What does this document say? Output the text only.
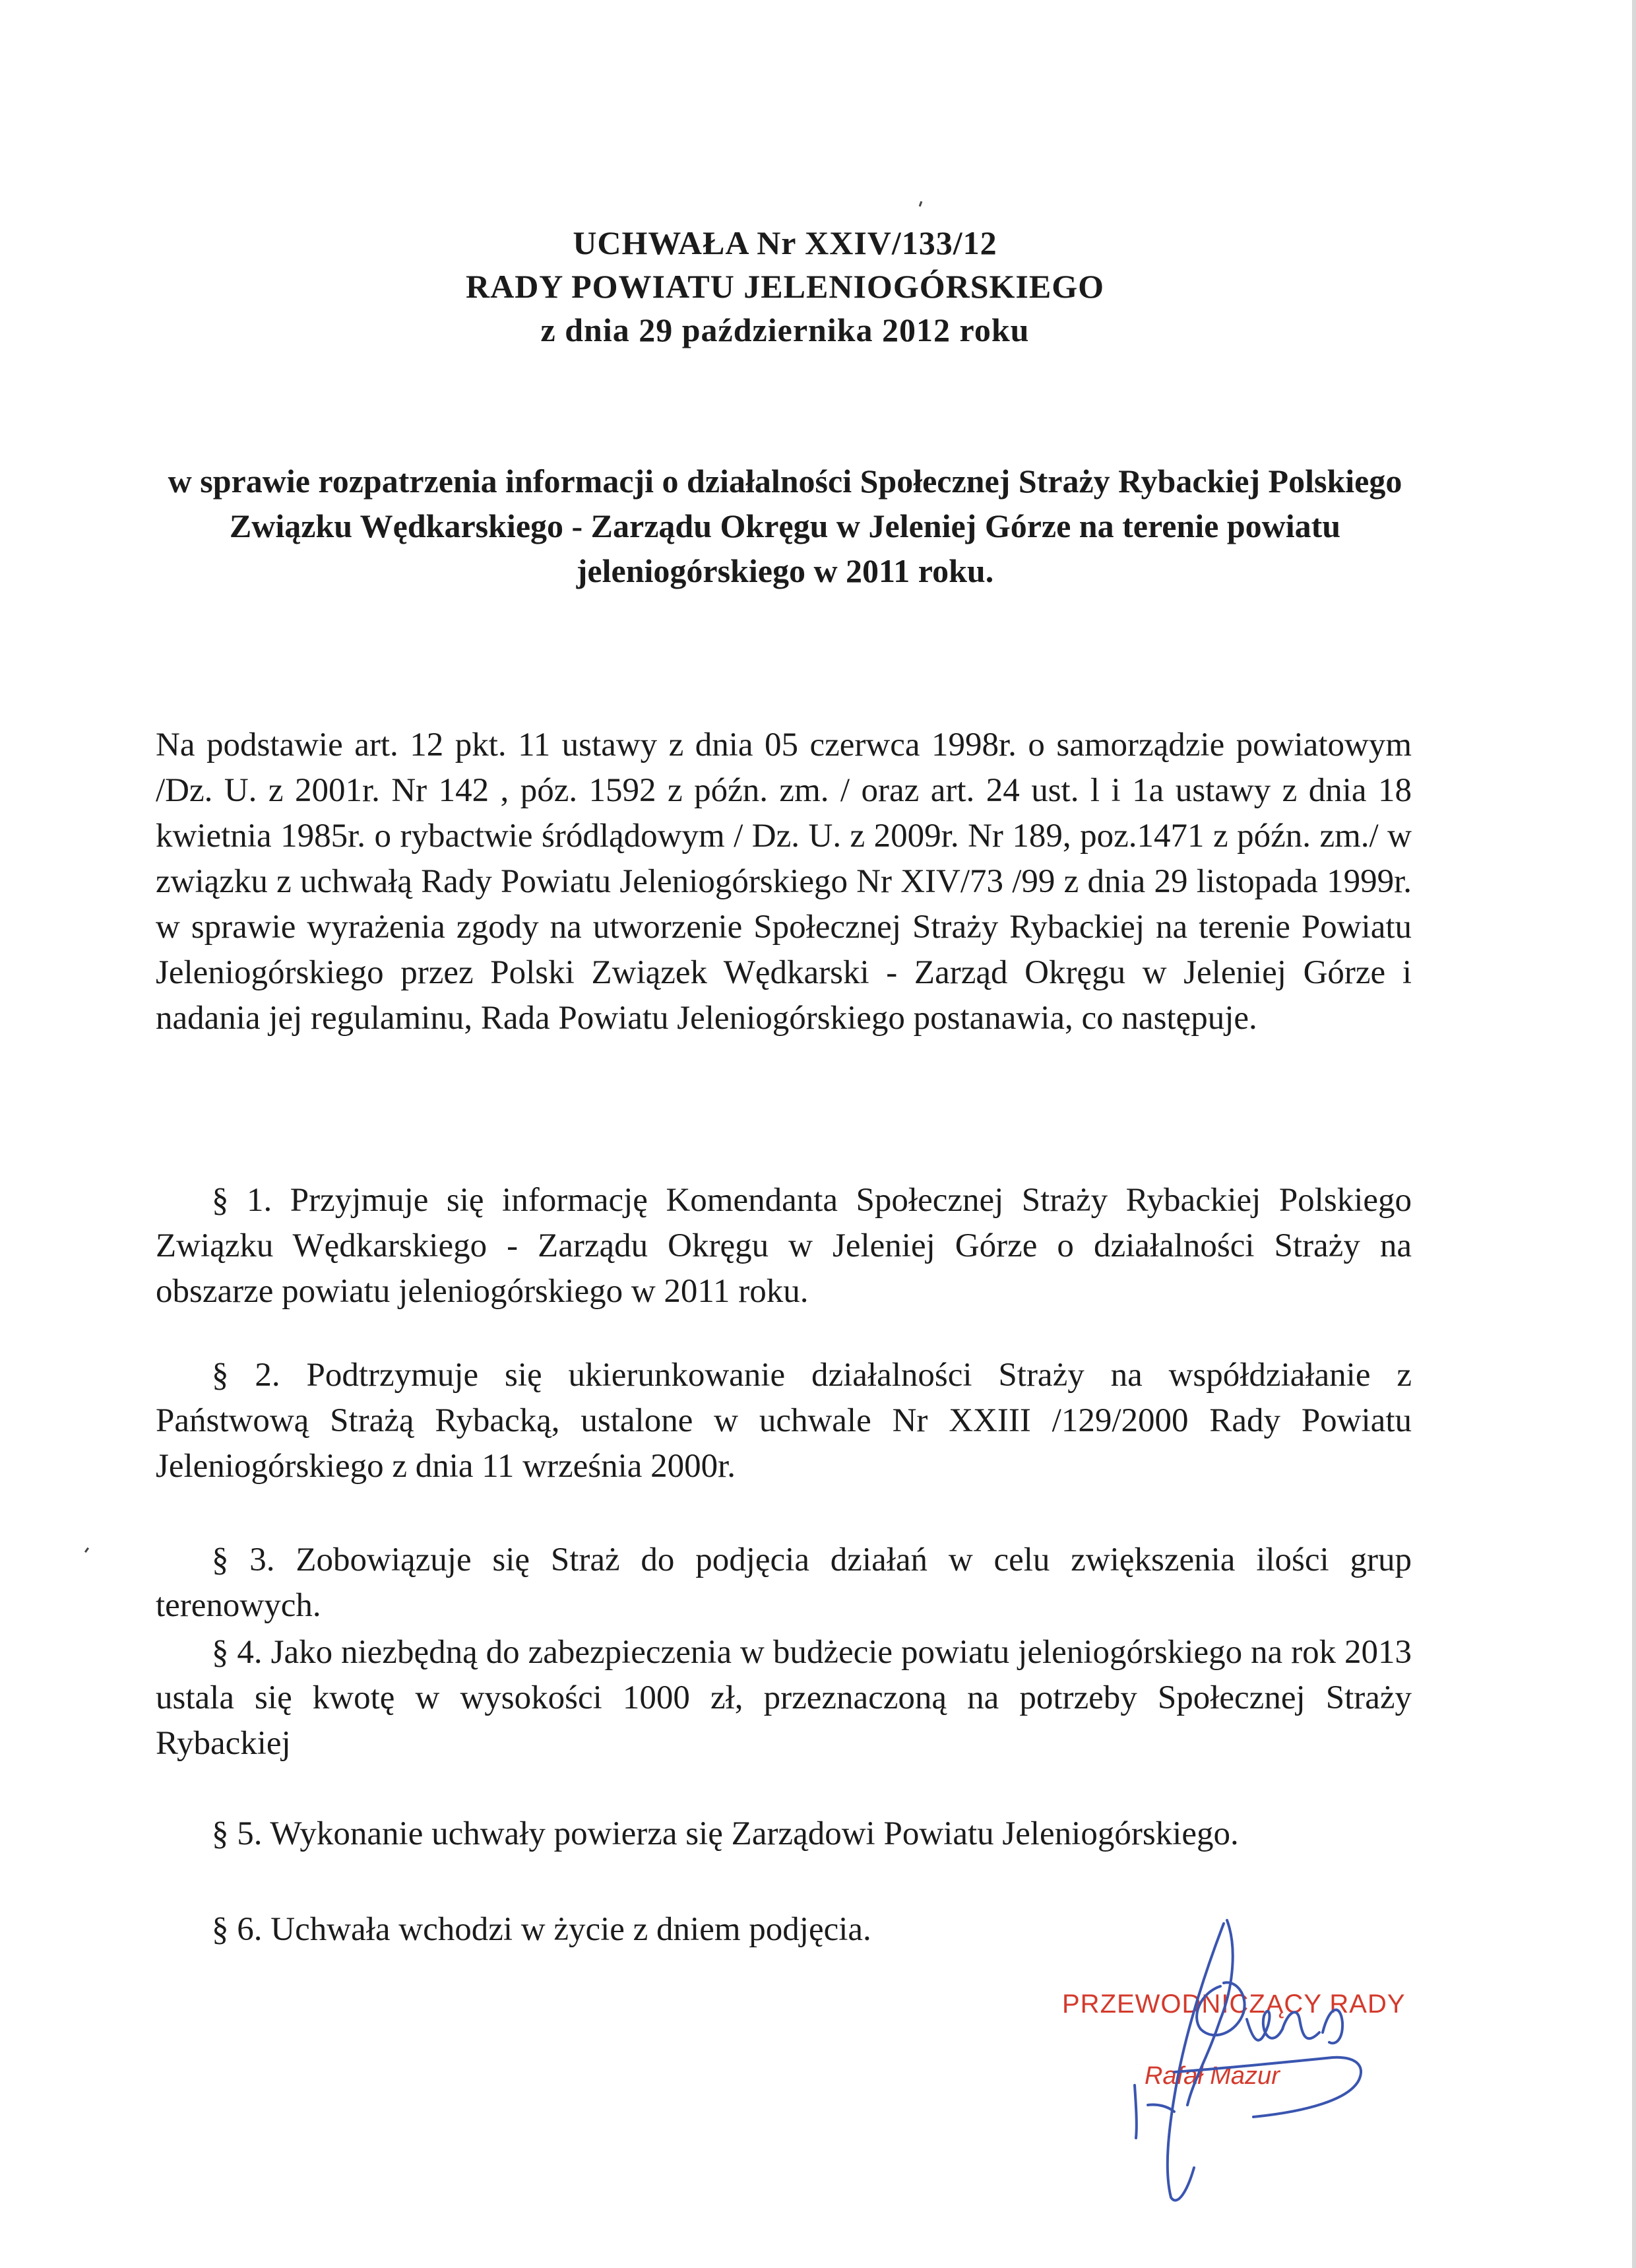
UCHWAŁA Nr XXIV/133/12
RADY POWIATU JELENIOGÓRSKIEGO
z dnia 29 października 2012 roku
w sprawie rozpatrzenia informacji o działalności Społecznej Straży Rybackiej Polskiego Związku Wędkarskiego - Zarządu Okręgu w Jeleniej Górze na terenie powiatu jeleniogórskiego w 2011 roku.

Na podstawie art. 12 pkt. 11 ustawy z dnia 05 czerwca 1998r. o samorządzie powiatowym /Dz. U. z 2001r. Nr 142 , póz. 1592 z późn. zm. / oraz art. 24 ust. l i 1a ustawy z dnia 18 kwietnia 1985r. o rybactwie śródlądowym / Dz. U. z 2009r. Nr 189, poz.1471 z późn. zm./ w związku z uchwałą Rady Powiatu Jeleniogórskiego Nr XIV/73 /99 z dnia 29 listopada 1999r. w sprawie wyrażenia zgody na utworzenie Społecznej Straży Rybackiej na terenie Powiatu Jeleniogórskiego przez Polski Związek Wędkarski - Zarząd Okręgu w Jeleniej Górze i nadania jej regulaminu, Rada Powiatu Jeleniogórskiego postanawia, co następuje.

§ 1. Przyjmuje się informację Komendanta Społecznej Straży Rybackiej Polskiego Związku Wędkarskiego - Zarządu Okręgu w Jeleniej Górze o działalności Straży na obszarze powiatu jeleniogórskiego w 2011 roku.

§ 2. Podtrzymuje się ukierunkowanie działalności Straży na współdziałanie z Państwową Strażą Rybacką, ustalone w uchwale Nr XXIII /129/2000 Rady Powiatu Jeleniogórskiego z dnia 11 września 2000r.

§ 3. Zobowiązuje się Straż do podjęcia działań w celu zwiększenia ilości grup terenowych.

§ 4. Jako niezbędną do zabezpieczenia w budżecie powiatu jeleniogórskiego na rok 2013 ustala się kwotę w wysokości 1000 zł, przeznaczoną na potrzeby Społecznej Straży Rybackiej

§ 5. Wykonanie uchwały powierza się Zarządowi Powiatu Jeleniogórskiego.

§ 6. Uchwała wchodzi w życie z dniem podjęcia.

PRZEWODNICZĄCY RADY
Rafał Mazur
